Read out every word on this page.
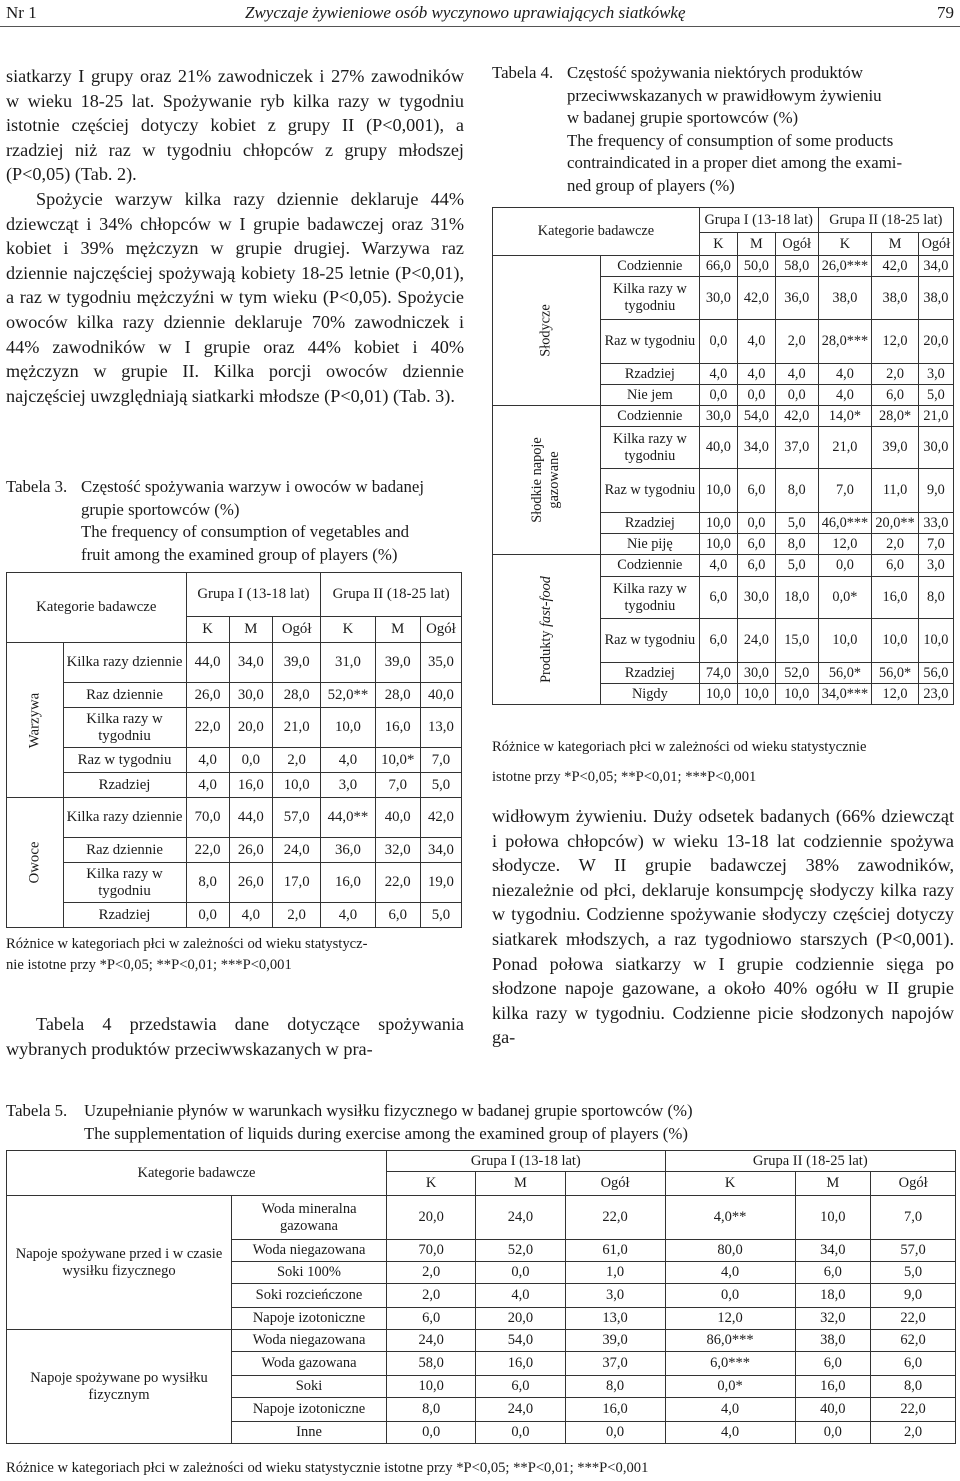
Nr 1	Zwyczaje żywieniowe osób wyczynowo uprawiających siatkówkę	79

siatkarzy I grupy oraz 21% zawodniczek i 27% zawodników w wieku 18-25 lat. Spożywanie ryb kilka razy w tygodniu istotnie częściej dotyczy kobiet z grupy II (P<0,001), a rzadziej niż raz w tygodniu chłopców z grupy młodszej (P<0,05) (Tab. 2).

Spożycie warzyw kilka razy dziennie deklaruje 44% dziewcząt i 34% chłopców w I grupie badawczej oraz 31% kobiet i 39% mężczyzn w grupie drugiej. Warzywa raz dziennie najczęściej spożywają kobiety 18-25 letnie (P<0,01), a raz w tygodniu mężczyźni w tym wieku (P<0,05). Spożycie owoców kilka razy dziennie deklaruje 70% zawodniczek i 44% zawodników w I grupie oraz 44% kobiet i 40% mężczyzn w grupie II. Kilka porcji owoców dziennie najczęściej uwzględniają siatkarki młodsze (P<0,01) (Tab. 3).

Tabela 3. Częstość spożywania warzyw i owoców w badanej
grupie sportowców (%)
The frequency of consumption of vegetables and
fruit among the examined group of players (%)
Kategorie badawcze		Grupa I (13-18 lat)			Grupa II (18-25 lat)		
		K	M	Ogół	K	M	Ogół
Warzywa	Kilka razy dziennie	44,0	34,0	39,0	31,0	39,0	35,0
	Raz dziennie	26,0	30,0	28,0	52,0**	28,0	40,0
	Kilka razy w tygodniu	22,0	20,0	21,0	10,0	16,0	13,0
	Raz w tygodniu	4,0	0,0	2,0	4,0	10,0*	7,0
	Rzadziej	4,0	16,0	10,0	3,0	7,0	5,0
Owoce	Kilka razy dziennie	70,0	44,0	57,0	44,0**	40,0	42,0
	Raz dziennie	22,0	26,0	24,0	36,0	32,0	34,0
	Kilka razy w tygodniu	8,0	26,0	17,0	16,0	22,0	19,0
	Rzadziej	0,0	4,0	2,0	4,0	6,0	5,0
Różnice w kategoriach płci w zależności od wieku statystycz-
nie istotne przy *P<0,05; **P<0,01; ***P<0,001

Tabela 4 przedstawia dane dotyczące spożywania wybranych produktów przeciwwskazanych w pra-

Tabela 4. Częstość spożywania niektórych produktów
przeciwwskazanych w prawidłowym żywieniu
w badanej grupie sportowców (%)
The frequency of consumption of some products
contraindicated in a proper diet among the exami-
ned group of players (%)
Kategorie badawcze		Grupa I (13-18 lat)			Grupa II (18-25 lat)		
		K	M	Ogół	K	M	Ogół
Słodycze	Codziennie	66,0	50,0	58,0	26,0***	42,0	34,0
	Kilka razy w tygodniu	30,0	42,0	36,0	38,0	38,0	38,0
	Raz w tygodniu	0,0	4,0	2,0	28,0***	12,0	20,0
	Rzadziej	4,0	4,0	4,0	4,0	2,0	3,0
	Nie jem	0,0	0,0	0,0	4,0	6,0	5,0
Słodkie napoje gazowane	Codziennie	30,0	54,0	42,0	14,0*	28,0*	21,0
	Kilka razy w tygodniu	40,0	34,0	37,0	21,0	39,0	30,0
	Raz w tygodniu	10,0	6,0	8,0	7,0	11,0	9,0
	Rzadziej	10,0	0,0	5,0	46,0***	20,0**	33,0
	Nie piję	10,0	6,0	8,0	12,0	2,0	7,0
Produkty fast-food	Codziennie	4,0	6,0	5,0	0,0	6,0	3,0
	Kilka razy w tygodniu	6,0	30,0	18,0	0,0*	16,0	8,0
	Raz w tygodniu	6,0	24,0	15,0	10,0	10,0	10,0
	Rzadziej	74,0	30,0	52,0	56,0*	56,0*	56,0
	Nigdy	10,0	10,0	10,0	34,0***	12,0	23,0
Różnice w kategoriach płci w zależności od wieku statystycznie
istotne przy *P<0,05; **P<0,01; ***P<0,001

widłowym żywieniu. Duży odsetek badanych (66% dziewcząt i połowa chłopców) w wieku 13-18 lat codziennie spożywa słodycze. W II grupie badawczej 38% zawodników, niezależnie od płci, deklaruje konsumpcję słodyczy kilka razy w tygodniu. Codzienne spożywanie słodyczy częściej dotyczy siatkarek młodszych, a raz tygodniowo starszych (P<0,001). Ponad połowa siatkarzy w I grupie codziennie sięga po słodzone napoje gazowane, a około 40% ogółu w II grupie kilka razy w tygodniu. Codzienne picie słodzonych napojów ga-

Tabela 5. Uzupełnianie płynów w warunkach wysiłku fizycznego w badanej grupie sportowców (%)
The supplementation of liquids during exercise among the examined group of players (%)
Kategorie badawcze		Grupa I (13-18 lat)			Grupa II (18-25 lat)		
		K	M	Ogół	K	M	Ogół
Napoje spożywane przed i w czasie wysiłku fizycznego	Woda mineralna gazowana	20,0	24,0	22,0	4,0**	10,0	7,0
	Woda niegazowana	70,0	52,0	61,0	80,0	34,0	57,0
	Soki 100%	2,0	0,0	1,0	4,0	6,0	5,0
	Soki rozcieńczone	2,0	4,0	3,0	0,0	18,0	9,0
	Napoje izotoniczne	6,0	20,0	13,0	12,0	32,0	22,0
Napoje spożywane po wysiłku fizycznym	Woda niegazowana	24,0	54,0	39,0	86,0***	38,0	62,0
	Woda gazowana	58,0	16,0	37,0	6,0***	6,0	6,0
	Soki	10,0	6,0	8,0	0,0*	16,0	8,0
	Napoje izotoniczne	8,0	24,0	16,0	4,0	40,0	22,0
	Inne	0,0	0,0	0,0	4,0	0,0	2,0
Różnice w kategoriach płci w zależności od wieku statystycznie istotne przy *P<0,05; **P<0,01; ***P<0,001
